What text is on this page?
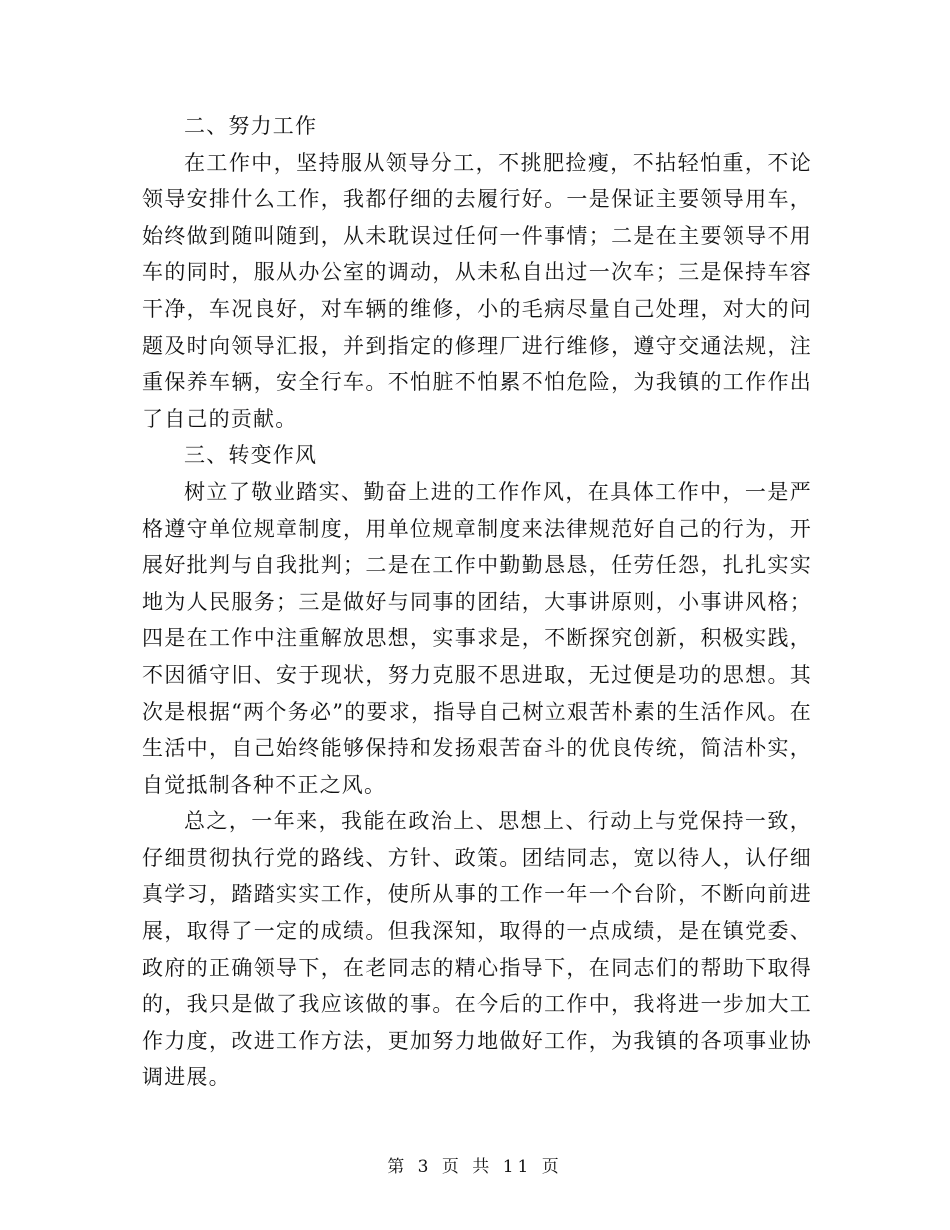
二、努力工作

在工作中，坚持服从领导分工，不挑肥捡瘦，不拈轻怕重，不论领导安排什么工作，我都仔细的去履行好。一是保证主要领导用车，始终做到随叫随到，从未耽误过任何一件事情；二是在主要领导不用车的同时，服从办公室的调动，从未私自出过一次车；三是保持车容干净，车况良好，对车辆的维修，小的毛病尽量自己处理，对大的问题及时向领导汇报，并到指定的修理厂进行维修，遵守交通法规，注重保养车辆，安全行车。不怕脏不怕累不怕危险，为我镇的工作作出了自己的贡献。

三、转变作风

树立了敬业踏实、勤奋上进的工作作风，在具体工作中，一是严格遵守单位规章制度，用单位规章制度来法律规范好自己的行为，开展好批判与自我批判；二是在工作中勤勤恳恳，任劳任怨，扎扎实实地为人民服务；三是做好与同事的团结，大事讲原则，小事讲风格；四是在工作中注重解放思想，实事求是，不断探究创新，积极实践，不因循守旧、安于现状，努力克服不思进取，无过便是功的思想。其次是根据“两个务必”的要求，指导自己树立艰苦朴素的生活作风。在生活中，自己始终能够保持和发扬艰苦奋斗的优良传统，简洁朴实，自觉抵制各种不正之风。

总之，一年来，我能在政治上、思想上、行动上与党保持一致，仔细贯彻执行党的路线、方针、政策。团结同志，宽以待人，认仔细真学习，踏踏实实工作，使所从事的工作一年一个台阶，不断向前进展，取得了一定的成绩。但我深知，取得的一点成绩，是在镇党委、政府的正确领导下，在老同志的精心指导下，在同志们的帮助下取得的，我只是做了我应该做的事。在今后的工作中，我将进一步加大工作力度，改进工作方法，更加努力地做好工作，为我镇的各项事业协调进展。

第 3 页 共 11 页
